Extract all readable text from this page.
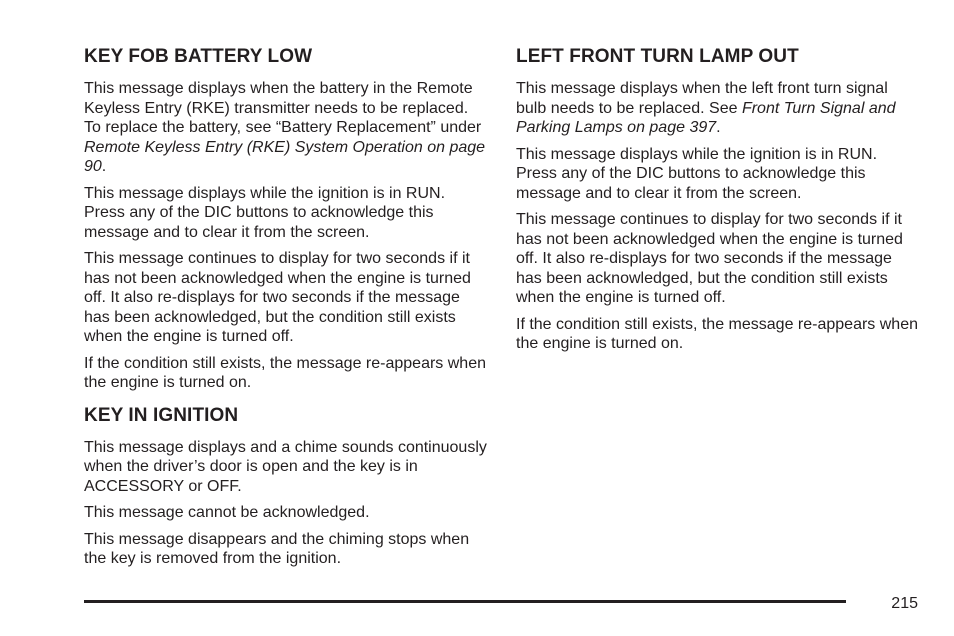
KEY FOB BATTERY LOW

This message displays when the battery in the Remote Keyless Entry (RKE) transmitter needs to be replaced. To replace the battery, see “Battery Replacement” under Remote Keyless Entry (RKE) System Operation on page 90.

This message displays while the ignition is in RUN. Press any of the DIC buttons to acknowledge this message and to clear it from the screen.

This message continues to display for two seconds if it has not been acknowledged when the engine is turned off. It also re-displays for two seconds if the message has been acknowledged, but the condition still exists when the engine is turned off.

If the condition still exists, the message re-appears when the engine is turned on.

KEY IN IGNITION

This message displays and a chime sounds continuously when the driver’s door is open and the key is in ACCESSORY or OFF.

This message cannot be acknowledged.

This message disappears and the chiming stops when the key is removed from the ignition.

LEFT FRONT TURN LAMP OUT

This message displays when the left front turn signal bulb needs to be replaced. See Front Turn Signal and Parking Lamps on page 397.

This message displays while the ignition is in RUN. Press any of the DIC buttons to acknowledge this message and to clear it from the screen.

This message continues to display for two seconds if it has not been acknowledged when the engine is turned off. It also re-displays for two seconds if the message has been acknowledged, but the condition still exists when the engine is turned off.

If the condition still exists, the message re-appears when the engine is turned on.

215
